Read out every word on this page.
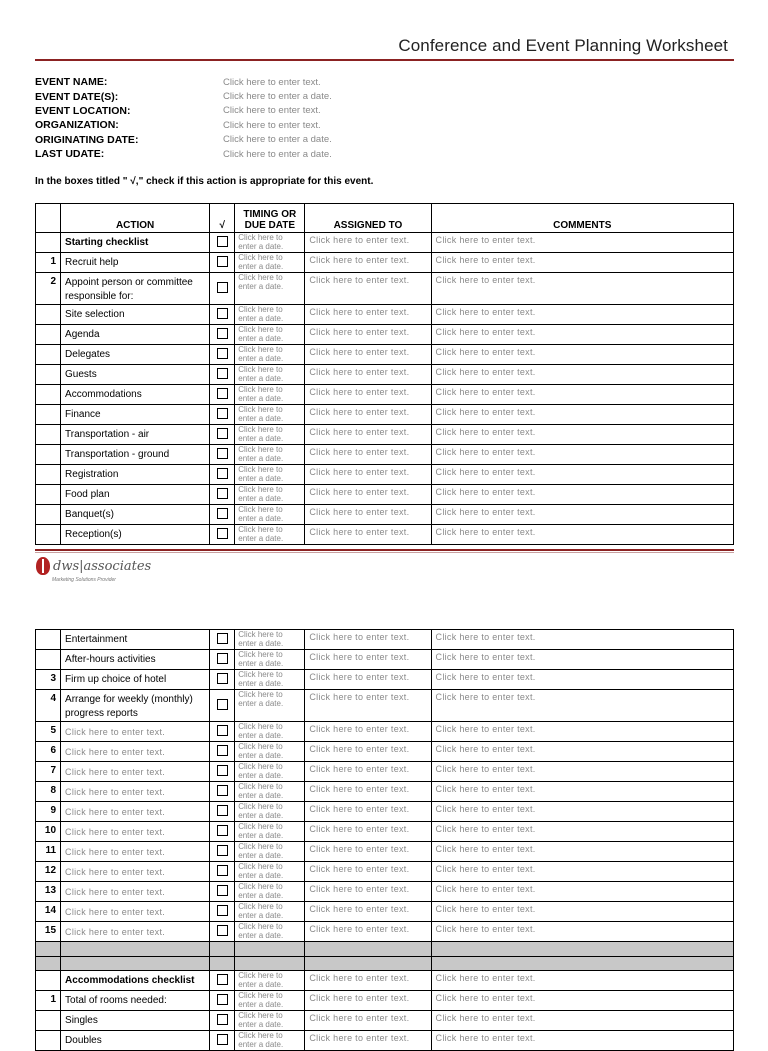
Conference and Event Planning Worksheet
EVENT NAME:	Click here to enter text.
EVENT DATE(S):	Click here to enter a date.
EVENT LOCATION:	Click here to enter text.
ORGANIZATION:	Click here to enter text.
ORIGINATING DATE:	Click here to enter a date.
LAST UDATE:	Click here to enter a date.
In the boxes titled " √," check if this action is appropriate for this event.
	ACTION	√	TIMING OR DUE DATE	ASSIGNED TO	COMMENTS
	Starting checklist		Click here to enter a date.	Click here to enter text.	Click here to enter text.
1	Recruit help		Click here to enter a date.	Click here to enter text.	Click here to enter text.
2	Appoint person or committee responsible for:		Click here to enter a date.	Click here to enter text.	Click here to enter text.
	Site selection		Click here to enter a date.	Click here to enter text.	Click here to enter text.
	Agenda		Click here to enter a date.	Click here to enter text.	Click here to enter text.
	Delegates		Click here to enter a date.	Click here to enter text.	Click here to enter text.
	Guests		Click here to enter a date.	Click here to enter text.	Click here to enter text.
	Accommodations		Click here to enter a date.	Click here to enter text.	Click here to enter text.
	Finance		Click here to enter a date.	Click here to enter text.	Click here to enter text.
	Transportation - air		Click here to enter a date.	Click here to enter text.	Click here to enter text.
	Transportation - ground		Click here to enter a date.	Click here to enter text.	Click here to enter text.
	Registration		Click here to enter a date.	Click here to enter text.	Click here to enter text.
	Food plan		Click here to enter a date.	Click here to enter text.	Click here to enter text.
	Banquet(s)		Click here to enter a date.	Click here to enter text.	Click here to enter text.
	Reception(s)		Click here to enter a date.	Click here to enter text.	Click here to enter text.
dws|associates
Marketing Solutions Provider
	Entertainment		Click here to enter a date.	Click here to enter text.	Click here to enter text.
	After-hours activities		Click here to enter a date.	Click here to enter text.	Click here to enter text.
3	Firm up choice of hotel		Click here to enter a date.	Click here to enter text.	Click here to enter text.
4	Arrange for weekly (monthly) progress reports		Click here to enter a date.	Click here to enter text.	Click here to enter text.
5	Click here to enter text.		Click here to enter a date.	Click here to enter text.	Click here to enter text.
6	Click here to enter text.		Click here to enter a date.	Click here to enter text.	Click here to enter text.
7	Click here to enter text.		Click here to enter a date.	Click here to enter text.	Click here to enter text.
8	Click here to enter text.		Click here to enter a date.	Click here to enter text.	Click here to enter text.
9	Click here to enter text.		Click here to enter a date.	Click here to enter text.	Click here to enter text.
10	Click here to enter text.		Click here to enter a date.	Click here to enter text.	Click here to enter text.
11	Click here to enter text.		Click here to enter a date.	Click here to enter text.	Click here to enter text.
12	Click here to enter text.		Click here to enter a date.	Click here to enter text.	Click here to enter text.
13	Click here to enter text.		Click here to enter a date.	Click here to enter text.	Click here to enter text.
14	Click here to enter text.		Click here to enter a date.	Click here to enter text.	Click here to enter text.
15	Click here to enter text.		Click here to enter a date.	Click here to enter text.	Click here to enter text.

	Accommodations checklist		Click here to enter a date.	Click here to enter text.	Click here to enter text.
1	Total of rooms needed:		Click here to enter a date.	Click here to enter text.	Click here to enter text.
	Singles		Click here to enter a date.	Click here to enter text.	Click here to enter text.
	Doubles		Click here to enter a date.	Click here to enter text.	Click here to enter text.
